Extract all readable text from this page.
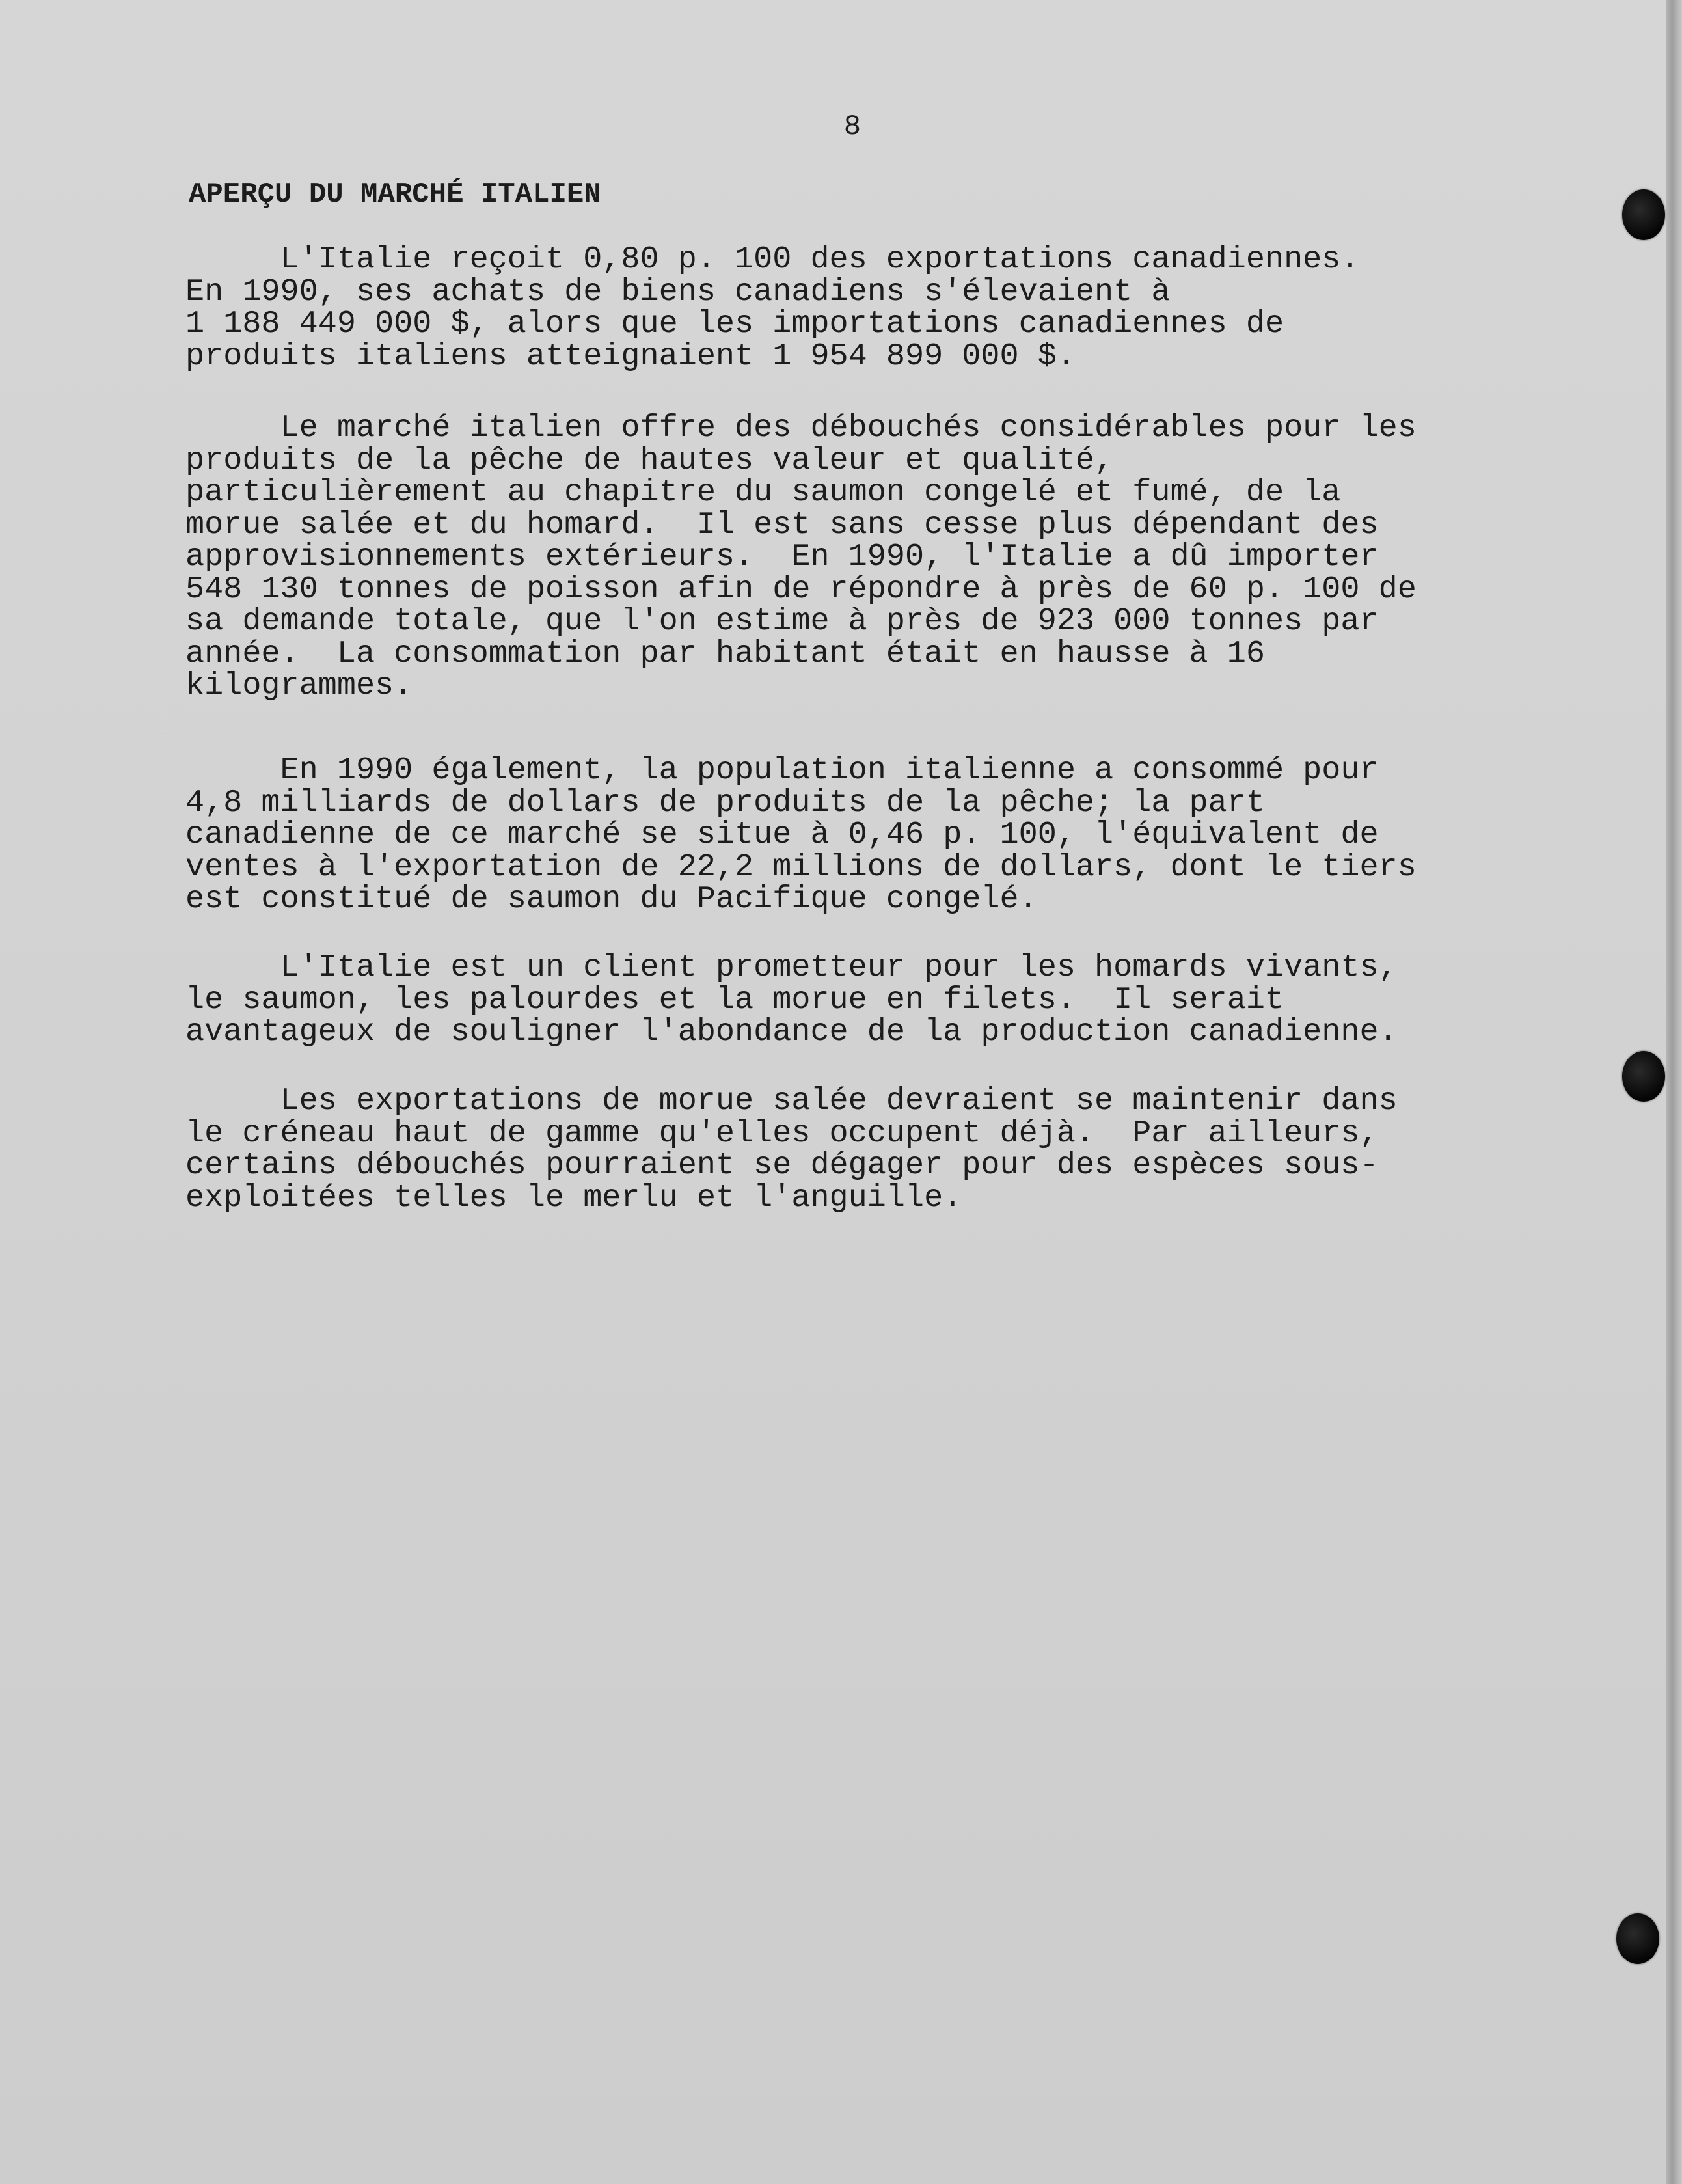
8
APERÇU DU MARCHÉ ITALIEN
L'Italie reçoit 0,80 p. 100 des exportations canadiennes.
En 1990, ses achats de biens canadiens s'élevaient à
1 188 449 000 $, alors que les importations canadiennes de
produits italiens atteignaient 1 954 899 000 $.
Le marché italien offre des débouchés considérables pour les
produits de la pêche de hautes valeur et qualité,
particulièrement au chapitre du saumon congelé et fumé, de la
morue salée et du homard.  Il est sans cesse plus dépendant des
approvisionnements extérieurs.  En 1990, l'Italie a dû importer
548 130 tonnes de poisson afin de répondre à près de 60 p. 100 de
sa demande totale, que l'on estime à près de 923 000 tonnes par
année.  La consommation par habitant était en hausse à 16
kilogrammes.
En 1990 également, la population italienne a consommé pour
4,8 milliards de dollars de produits de la pêche; la part
canadienne de ce marché se situe à 0,46 p. 100, l'équivalent de
ventes à l'exportation de 22,2 millions de dollars, dont le tiers
est constitué de saumon du Pacifique congelé.
L'Italie est un client prometteur pour les homards vivants,
le saumon, les palourdes et la morue en filets.  Il serait
avantageux de souligner l'abondance de la production canadienne.
Les exportations de morue salée devraient se maintenir dans
le créneau haut de gamme qu'elles occupent déjà.  Par ailleurs,
certains débouchés pourraient se dégager pour des espèces sous-
exploitées telles le merlu et l'anguille.
